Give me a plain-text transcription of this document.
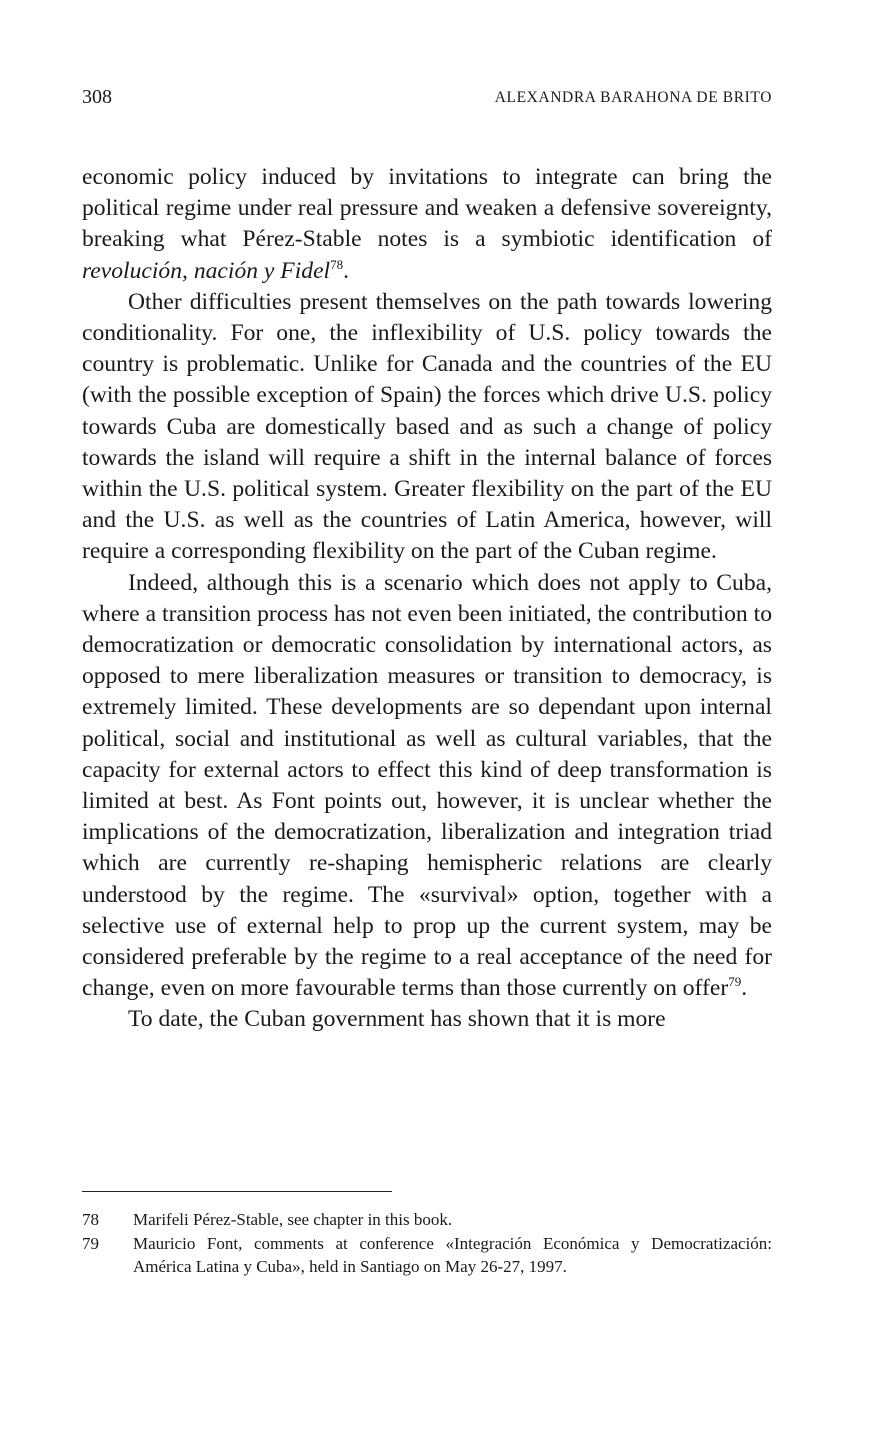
308	ALEXANDRA BARAHONA DE BRITO

economic policy induced by invitations to integrate can bring the political regime under real pressure and weaken a defensive sovereignty, breaking what Pérez-Stable notes is a symbiotic identification of revolución, nación y Fidel$^{78}$.

Other difficulties present themselves on the path towards lowering conditionality. For one, the inflexibility of U.S. policy towards the country is problematic. Unlike for Canada and the countries of the EU (with the possible exception of Spain) the forces which drive U.S. policy towards Cuba are domestically based and as such a change of policy towards the island will require a shift in the internal balance of forces within the U.S. political system. Greater flexibility on the part of the EU and the U.S. as well as the countries of Latin America, however, will require a corresponding flexibility on the part of the Cuban regime.

Indeed, although this is a scenario which does not apply to Cuba, where a transition process has not even been initiated, the contribution to democratization or democratic consolidation by international actors, as opposed to mere liberalization measures or transition to democracy, is extremely limited. These developments are so dependant upon internal political, social and institutional as well as cultural variables, that the capacity for external actors to effect this kind of deep transformation is limited at best. As Font points out, however, it is unclear whether the implications of the democratization, liberalization and integration triad which are currently re-shaping hemispheric relations are clearly understood by the regime. The «survival» option, together with a selective use of external help to prop up the current system, may be considered preferable by the regime to a real acceptance of the need for change, even on more favourable terms than those currently on offer$^{79}$.

To date, the Cuban government has shown that it is more

78	Marifeli Pérez-Stable, see chapter in this book.
79	Mauricio Font, comments at conference «Integración Económica y Democratización: América Latina y Cuba», held in Santiago on May 26-27, 1997.
